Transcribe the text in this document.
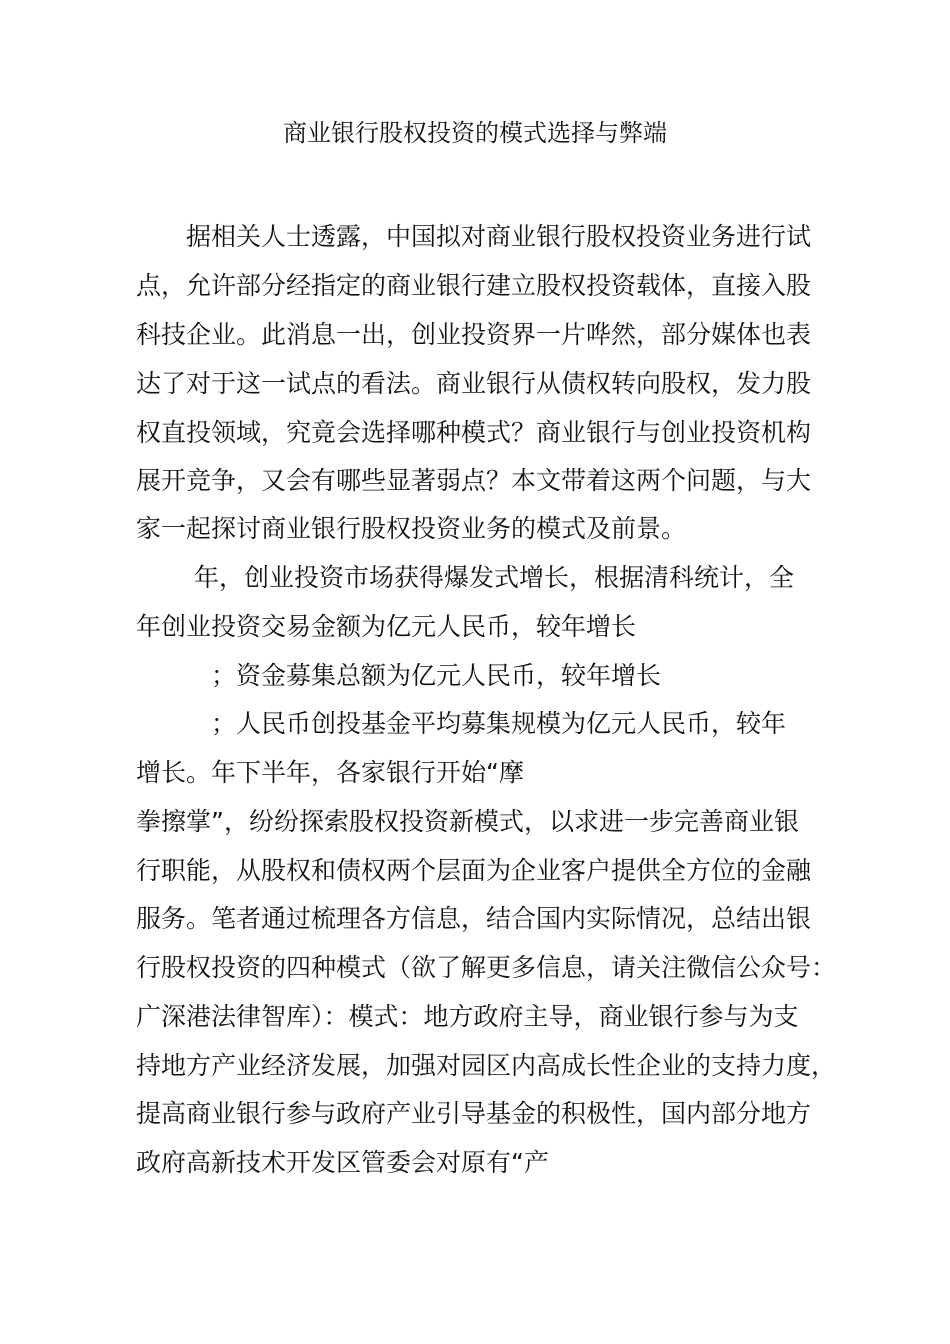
商业银行股权投资的模式选择与弊端
　　据相关人士透露，中国拟对商业银行股权投资业务进行试
点，允许部分经指定的商业银行建立股权投资载体，直接入股
科技企业。此消息一出，创业投资界一片哗然，部分媒体也表
达了对于这一试点的看法。商业银行从债权转向股权，发力股
权直投领域，究竟会选择哪种模式？商业银行与创业投资机构
展开竞争，又会有哪些显著弱点？本文带着这两个问题，与大
家一起探讨商业银行股权投资业务的模式及前景。
　　 年，创业投资市场获得爆发式增长，根据清科统计，全
年创业投资交易金额为亿元人民币，较年增长
　　　；资金募集总额为亿元人民币，较年增长
　　　；人民币创投基金平均募集规模为亿元人民币，较年
增长。年下半年，各家银行开始“摩
拳擦掌”，纷纷探索股权投资新模式，以求进一步完善商业银
行职能，从股权和债权两个层面为企业客户提供全方位的金融
服务。笔者通过梳理各方信息，结合国内实际情况，总结出银
行股权投资的四种模式（欲了解更多信息，请关注微信公众号：
广深港法律智库）：模式：地方政府主导，商业银行参与为支
持地方产业经济发展，加强对园区内高成长性企业的支持力度，
提高商业银行参与政府产业引导基金的积极性，国内部分地方
政府高新技术开发区管委会对原有“产
